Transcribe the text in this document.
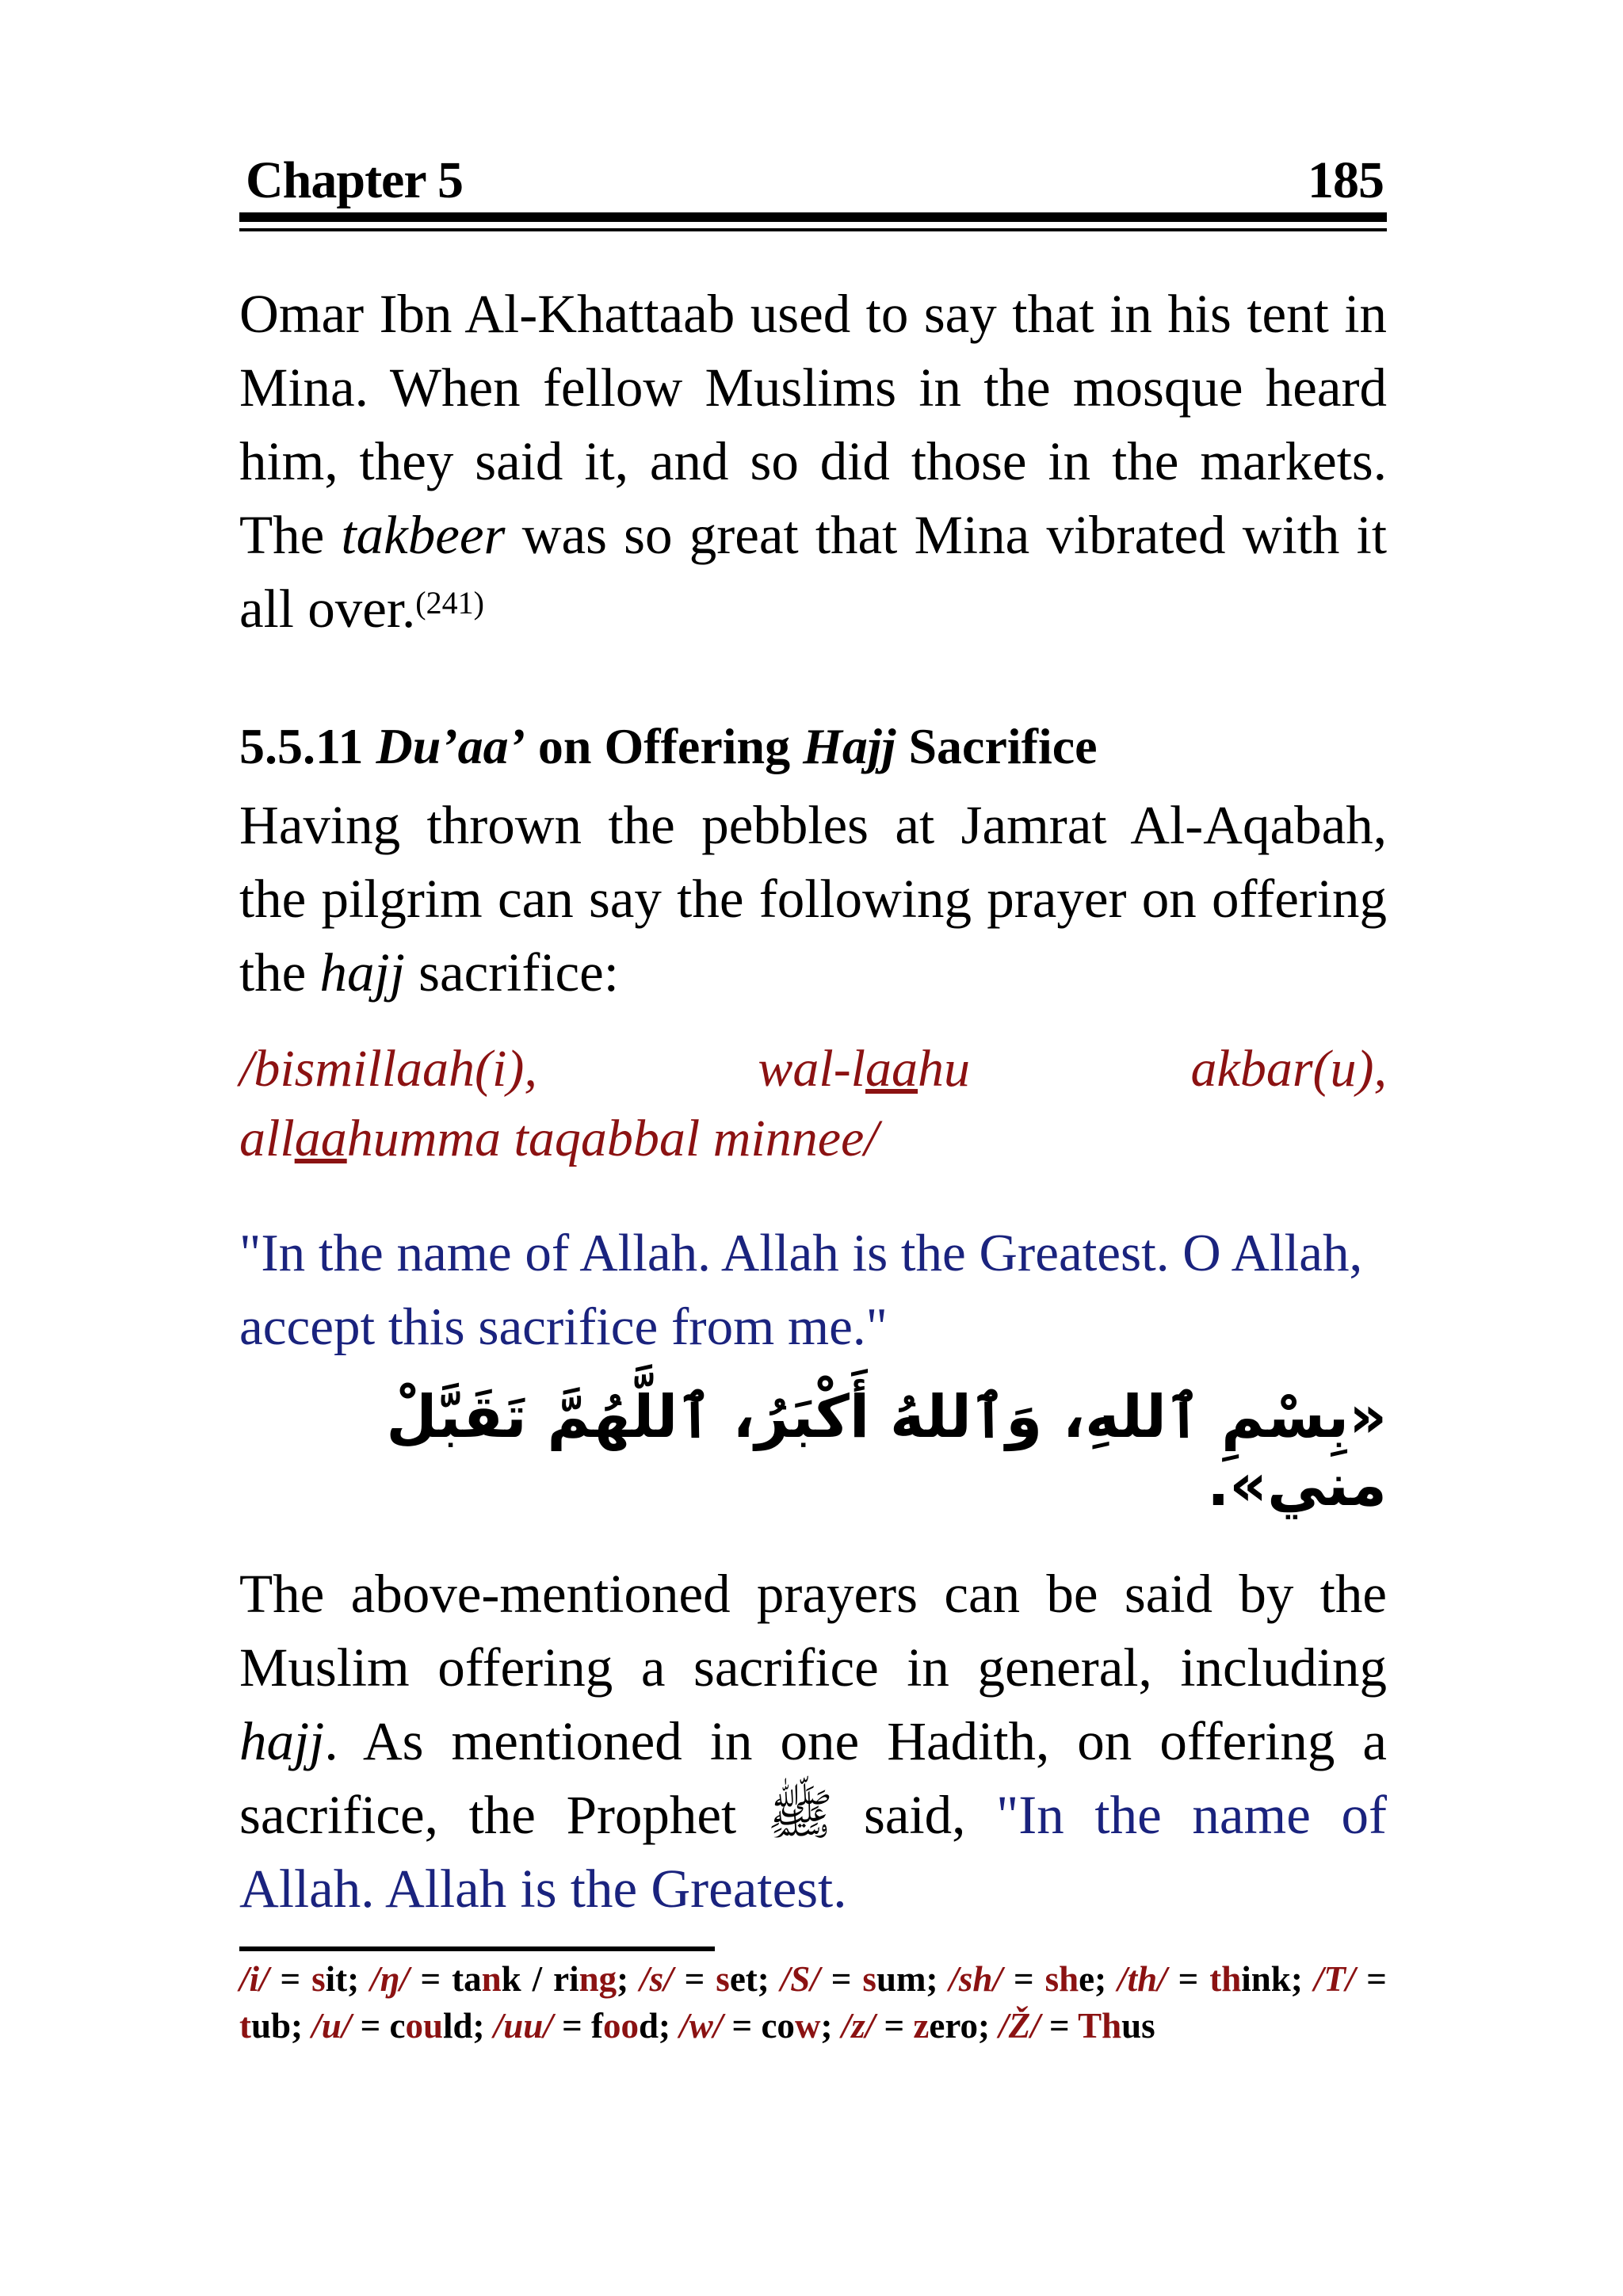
Chapter 5	185
Omar Ibn Al-Khattaab used to say that in his tent in Mina. When fellow Muslims in the mosque heard him, they said it, and so did those in the markets. The takbeer was so great that Mina vibrated with it all over.$^{(241)}$
5.5.11 Du’aa’ on Offering Hajj Sacrifice
Having thrown the pebbles at Jamrat Al-Aqabah, the pilgrim can say the following prayer on offering the hajj sacrifice:
/bismillaah(i),	wal-laahu	akbar(u),
allaahumma taqabbal minnee/
"In the name of Allah. Allah is the Greatest. O Allah, accept this sacrifice from me."
«بِسْمِ ٱللهِ، وَٱللهُ أَكْبَرُ، ٱللَّهُمَّ تَقَبَّلْ مني».
The above-mentioned prayers can be said by the Muslim offering a sacrifice in general, including hajj. As mentioned in one Hadith, on offering a sacrifice, the Prophet ﷺ said, "In the name of Allah. Allah is the Greatest.
/i/ = sit; /ŋ/ = tank / ring; /s/ = set; /S/ = sum; /sh/ = she; /th/ = think; /T/ = tub; /u/ = could; /uu/ = food; /w/ = cow; /z/ = zero; /Ž/ = Thus
